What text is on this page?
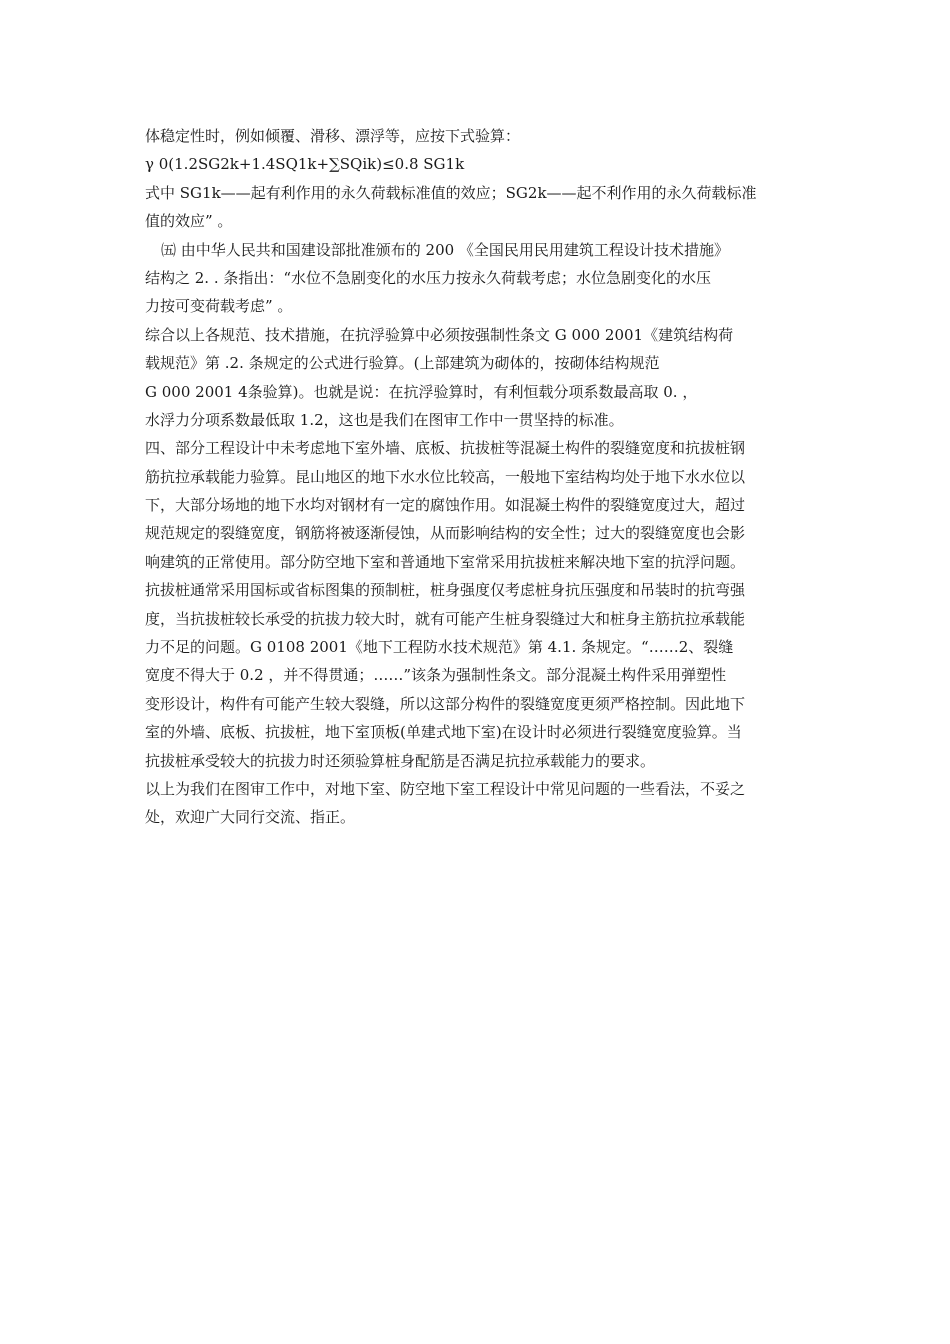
体稳定性时，例如倾覆、滑移、漂浮等，应按下式验算：
γ 0(1.2SG2k+1.4SQ1k+∑SQik)≤0.8 SG1k
式中 SG1k——起有利作用的永久荷载标准值的效应；SG2k——起不利作用的永久荷载标准
值的效应” 。
㈤ 由中华人民共和国建设部批准颁布的 200 《全国民用民用建筑工程设计技术措施》
结构之 2. . 条指出：“水位不急剧变化的水压力按永久荷载考虑；水位急剧变化的水压
力按可变荷载考虑” 。
综合以上各规范、技术措施，在抗浮验算中必须按强制性条文 G 000 2001《建筑结构荷
载规范》第 .2. 条规定的公式进行验算。(上部建筑为砌体的，按砌体结构规范
G 000 2001 4条验算)。也就是说：在抗浮验算时，有利恒载分项系数最高取 0. ，
水浮力分项系数最低取 1.2，这也是我们在图审工作中一贯坚持的标准。
四、部分工程设计中未考虑地下室外墙、底板、抗拔桩等混凝土构件的裂缝宽度和抗拔桩钢
筋抗拉承载能力验算。昆山地区的地下水水位比较高，一般地下室结构均处于地下水水位以
下，大部分场地的地下水均对钢材有一定的腐蚀作用。如混凝土构件的裂缝宽度过大，超过
规范规定的裂缝宽度，钢筋将被逐渐侵蚀，从而影响结构的安全性；过大的裂缝宽度也会影
响建筑的正常使用。部分防空地下室和普通地下室常采用抗拔桩来解决地下室的抗浮问题。
抗拔桩通常采用国标或省标图集的预制桩，桩身强度仅考虑桩身抗压强度和吊装时的抗弯强
度，当抗拔桩较长承受的抗拔力较大时，就有可能产生桩身裂缝过大和桩身主筋抗拉承载能
力不足的问题。G 0108 2001《地下工程防水技术规范》第 4.1. 条规定。“……2、裂缝
宽度不得大于 0.2 ，并不得贯通；……”该条为强制性条文。部分混凝土构件采用弹塑性
变形设计，构件有可能产生较大裂缝，所以这部分构件的裂缝宽度更须严格控制。因此地下
室的外墙、底板、抗拔桩，地下室顶板(单建式地下室)在设计时必须进行裂缝宽度验算。当
抗拔桩承受较大的抗拔力时还须验算桩身配筋是否满足抗拉承载能力的要求。
以上为我们在图审工作中，对地下室、防空地下室工程设计中常见问题的一些看法，不妥之
处，欢迎广大同行交流、指正。
